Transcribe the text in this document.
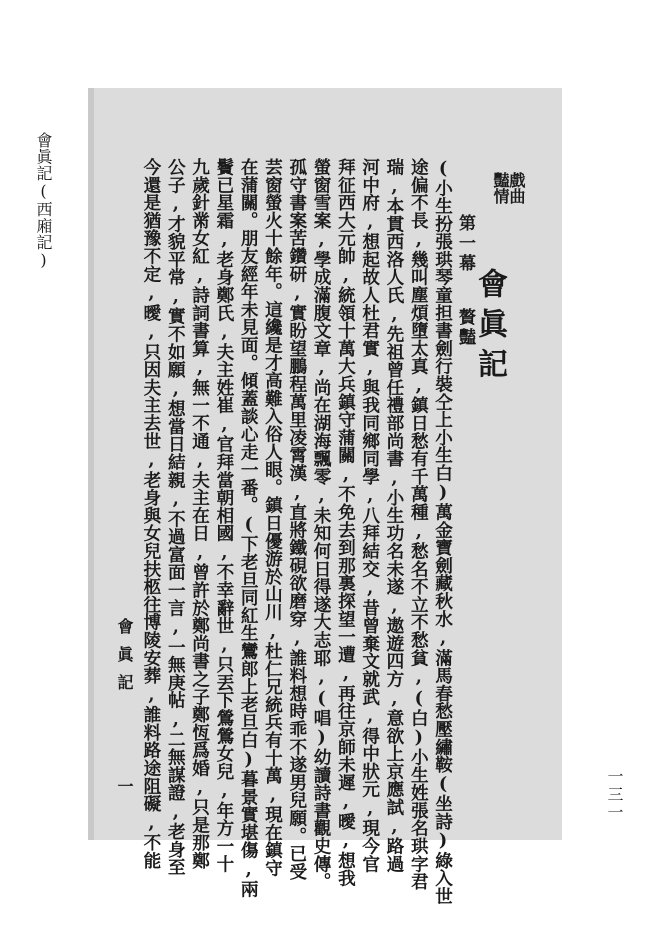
會眞記(西廂記)
一三一
戲曲
豔情
會眞記
第一幕贅豔
(小生扮張珙琴童担書劍行裝仝上小生白)萬金寶劍藏秋水,滿馬春愁壓繡鞍(坐詩)綠入世
途偏不長,幾叫塵煩墮太真,鎮日愁有千萬種,愁名不立不愁貧,(白)小生姓張名珙字君
瑞,本貫西洛人氏,先祖曾任禮部尚書,小生功名未遂,遨遊四方,意欲上京應試,路過
河中府,想起故人杜君實,與我同鄉同學,八拜結交,昔曾棄文就武,得中狀元,現今官
拜征西大元帥,統領十萬大兵鎮守蒲關,不免去到那裏探望一遭,再往京師未遲,曖,想我
螢窗雪案,學成滿腹文章,尚在湖海飄零,未知何日得遂大志耶,(唱)幼讀詩書觀史傳。
孤守書案苦鑽研,實盼望鵬程萬里凌霄漢,直將鐵硯欲磨穿,誰料想時乖不遂男兒願。已受
芸窗螢火十餘年。這纔是才高難入俗人眼。鎮日優游於山川,杜仁兄統兵有十萬,現在鎮守
在蒲關。朋友經年未見面。傾蓋談心走一番。(下老旦同紅生鸞郎上老旦白)暮景實堪傷,兩
鬢已星霜,老身鄭氏,夫主姓崔,官拜當朝相國,不幸辭世,只丟下鶯鶯女兒,年方一十
九歲針黹女紅,詩詞書算,無一不通,夫主在日,曾許於鄭尚書之子鄭恆爲婚,只是那鄭
公子,才貌平常,實不如願,想當日結親,不過富面一言,一無庚帖,二無謀證,老身至
今還是猶豫不定,曖,只因夫主去世,老身與女兒扶柩往博陵安葬,誰料路途阻礙,不能
會眞記
一
